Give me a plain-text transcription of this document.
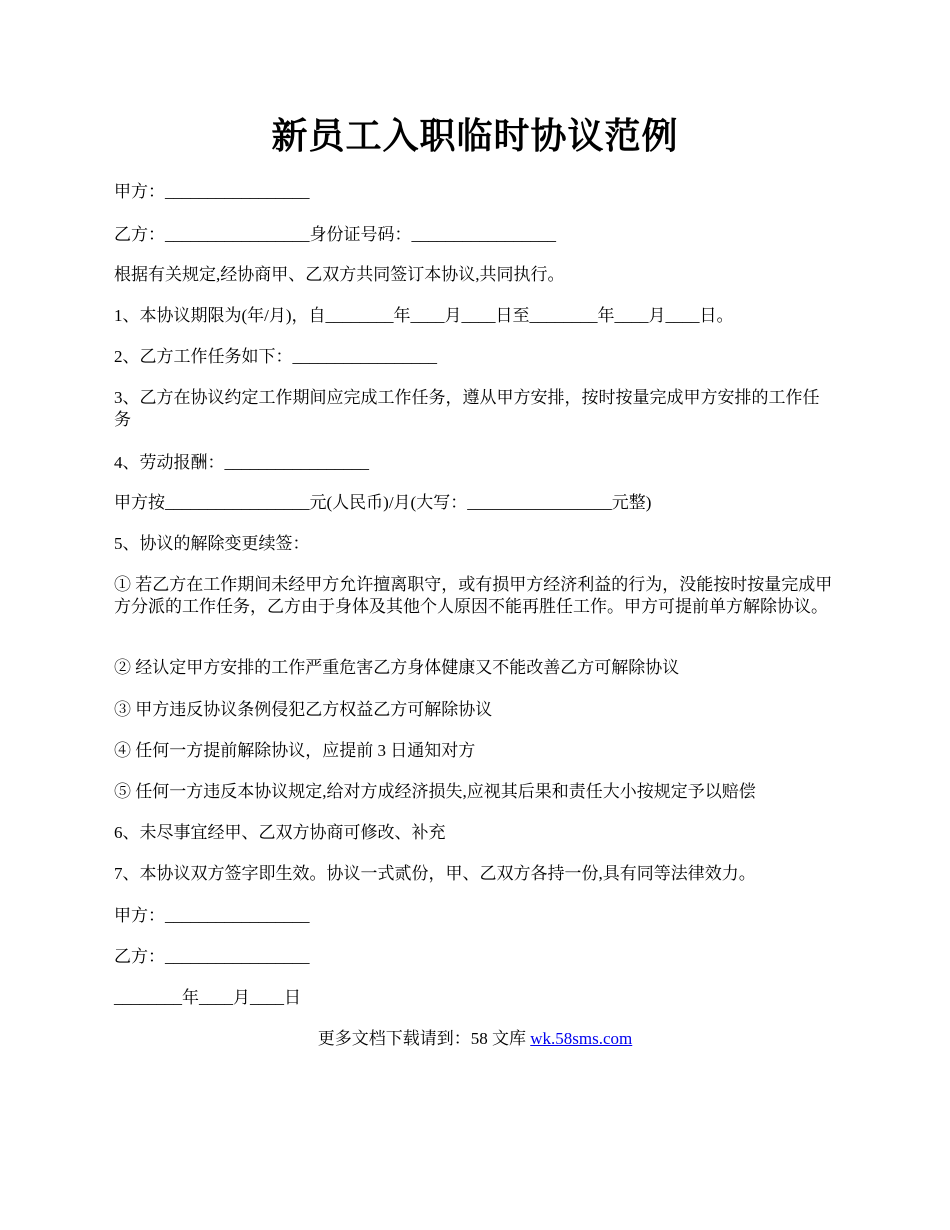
新员工入职临时协议范例

甲方：_________________

乙方：_________________身份证号码：_________________

根据有关规定,经协商甲、乙双方共同签订本协议,共同执行。

1、本协议期限为(年/月)，自________年____月____日至________年____月____日。

2、乙方工作任务如下：_________________

3、乙方在协议约定工作期间应完成工作任务，遵从甲方安排，按时按量完成甲方安排的工作任务

4、劳动报酬：_________________

甲方按_________________元(人民币)/月(大写：_________________元整)

5、协议的解除变更续签：

① 若乙方在工作期间未经甲方允许擅离职守，或有损甲方经济利益的行为，没能按时按量完成甲方分派的工作任务，乙方由于身体及其他个人原因不能再胜任工作。甲方可提前单方解除协议。

② 经认定甲方安排的工作严重危害乙方身体健康又不能改善乙方可解除协议

③ 甲方违反协议条例侵犯乙方权益乙方可解除协议

④ 任何一方提前解除协议，应提前 3 日通知对方

⑤ 任何一方违反本协议规定,给对方成经济损失,应视其后果和责任大小按规定予以赔偿

6、未尽事宜经甲、乙双方协商可修改、补充

7、本协议双方签字即生效。协议一式贰份，甲、乙双方各持一份,具有同等法律效力。

甲方：_________________

乙方：_________________

________年____月____日

更多文档下载请到：58 文库 wk.58sms.com
